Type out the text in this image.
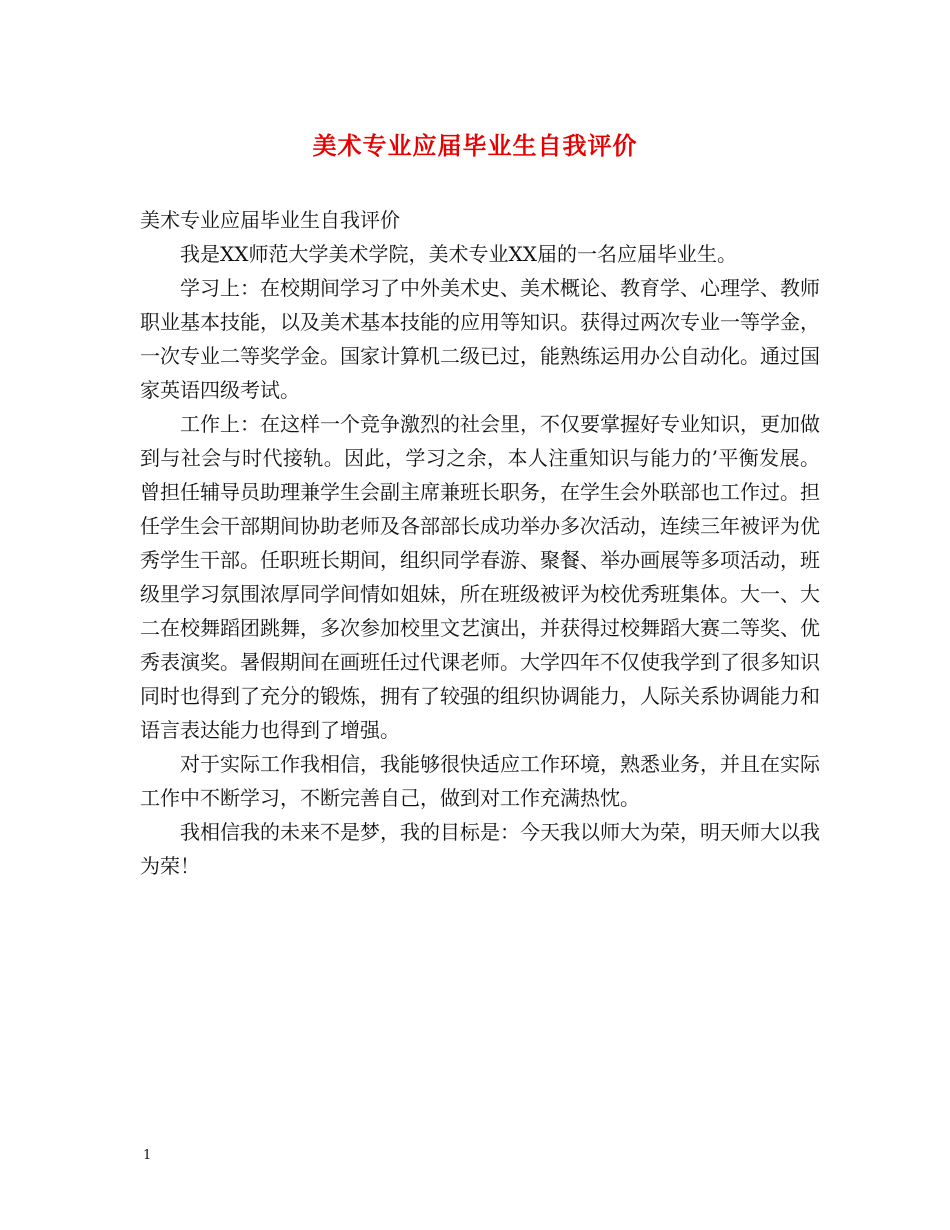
美术专业应届毕业生自我评价

美术专业应届毕业生自我评价

我是XX师范大学美术学院，美术专业XX届的一名应届毕业生。

学习上：在校期间学习了中外美术史、美术概论、教育学、心理学、教师职业基本技能，以及美术基本技能的应用等知识。获得过两次专业一等学金，一次专业二等奖学金。国家计算机二级已过，能熟练运用办公自动化。通过国家英语四级考试。

工作上：在这样一个竞争激烈的社会里，不仅要掌握好专业知识，更加做到与社会与时代接轨。因此，学习之余，本人注重知识与能力的’平衡发展。曾担任辅导员助理兼学生会副主席兼班长职务，在学生会外联部也工作过。担任学生会干部期间协助老师及各部部长成功举办多次活动，连续三年被评为优秀学生干部。任职班长期间，组织同学春游、聚餐、举办画展等多项活动，班级里学习氛围浓厚同学间情如姐妹，所在班级被评为校优秀班集体。大一、大二在校舞蹈团跳舞，多次参加校里文艺演出，并获得过校舞蹈大赛二等奖、优秀表演奖。暑假期间在画班任过代课老师。大学四年不仅使我学到了很多知识同时也得到了充分的锻炼，拥有了较强的组织协调能力，人际关系协调能力和语言表达能力也得到了增强。

对于实际工作我相信，我能够很快适应工作环境，熟悉业务，并且在实际工作中不断学习，不断完善自己，做到对工作充满热忱。

我相信我的未来不是梦，我的目标是：今天我以师大为荣，明天师大以我为荣！

1
